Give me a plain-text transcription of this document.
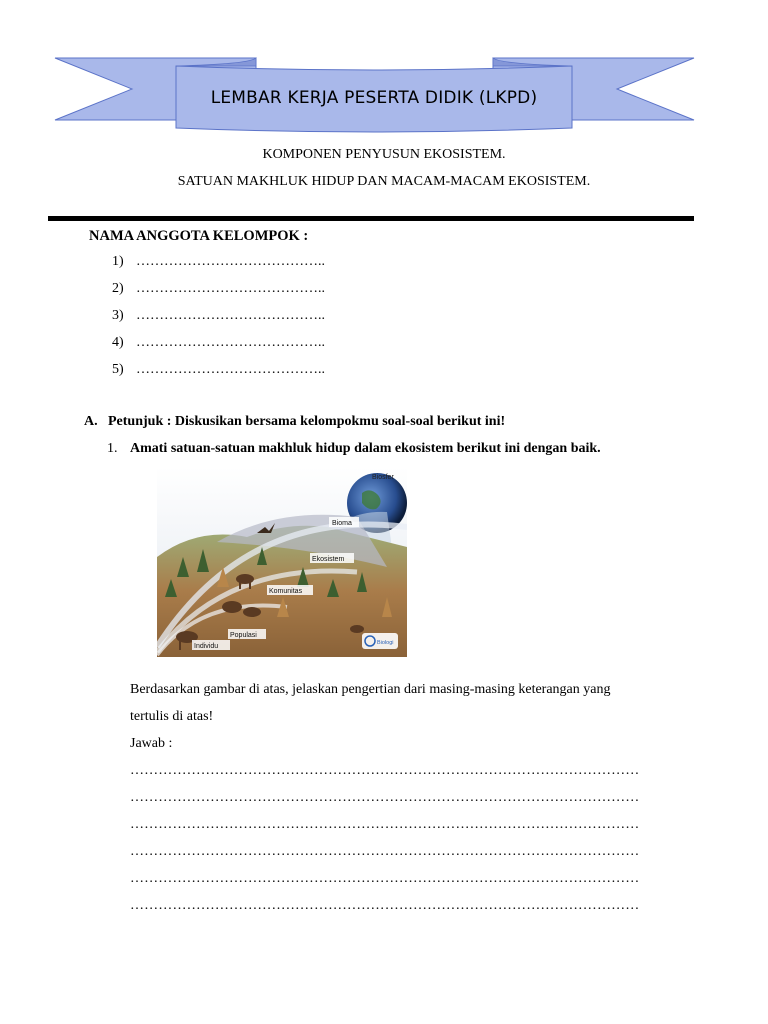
LEMBAR KERJA PESERTA DIDIK (LKPD)
KOMPONEN PENYUSUN EKOSISTEM.
SATUAN MAKHLUK HIDUP DAN MACAM-MACAM EKOSISTEM.
NAMA ANGGOTA KELOMPOK :
1) …………………………………..
2) …………………………………..
3) …………………………………..
4) …………………………………..
5) …………………………………..
A. Petunjuk : Diskusikan bersama kelompokmu soal-soal berikut ini!
1. Amati satuan-satuan makhluk hidup dalam ekosistem berikut ini dengan baik.
Biosfer
Bioma
Ekosistem
Komunitas
Populasi
Individu	Biologi
Berdasarkan gambar di atas, jelaskan pengertian dari masing-masing keterangan yang
tertulis di atas!
Jawab :
………………………………………………………………………………………………
………………………………………………………………………………………………
………………………………………………………………………………………………
………………………………………………………………………………………………
………………………………………………………………………………………………
………………………………………………………………………………………………
